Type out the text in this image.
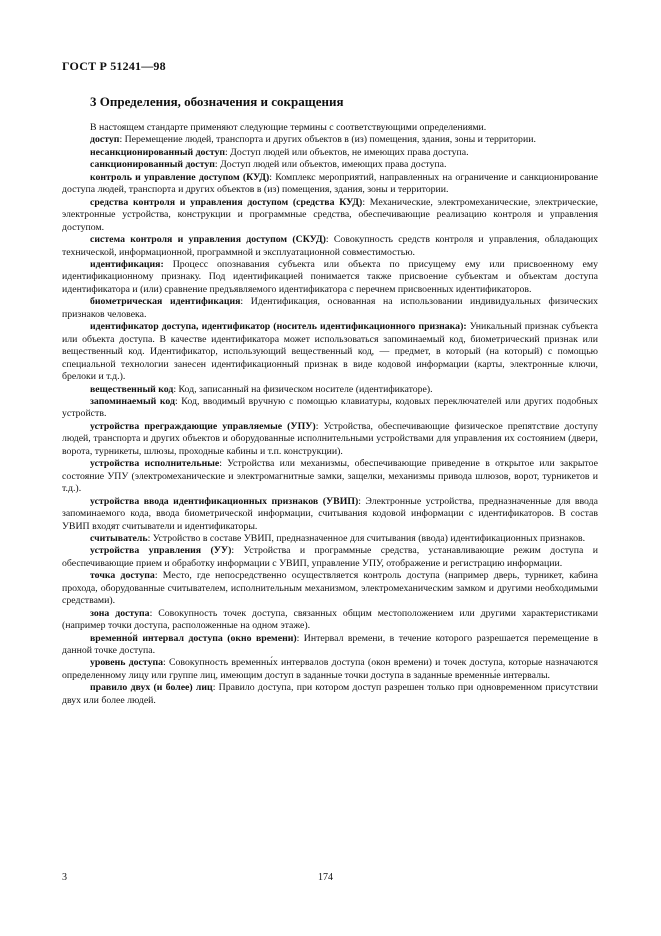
ГОСТ Р 51241—98
3 Определения, обозначения и сокращения

В настоящем стандарте применяют следующие термины с соответствующими определениями.

доступ: Перемещение людей, транспорта и других объектов в (из) помещения, здания, зоны и территории.

несанкционированный доступ: Доступ людей или объектов, не имеющих права доступа.

санкционированный доступ: Доступ людей или объектов, имеющих права доступа.

контроль и управление доступом (КУД): Комплекс мероприятий, направленных на ограничение и санкционирование доступа людей, транспорта и других объектов в (из) помещения, здания, зоны и территории.

средства контроля и управления доступом (средства КУД): Механические, электромеханические, электрические, электронные устройства, конструкции и программные средства, обеспечивающие реализацию контроля и управления доступом.

система контроля и управления доступом (СКУД): Совокупность средств контроля и управления, обладающих технической, информационной, программной и эксплуатационной совместимостью.

идентификация: Процесс опознавания субъекта или объекта по присущему ему или присвоенному ему идентификационному признаку. Под идентификацией понимается также присвоение субъектам и объектам доступа идентификатора и (или) сравнение предъявляемого идентификатора с перечнем присвоенных идентификаторов.

биометрическая идентификация: Идентификация, основанная на использовании индивидуальных физических признаков человека.

идентификатор доступа, идентификатор (носитель идентификационного признака): Уникальный признак субъекта или объекта доступа. В качестве идентификатора может использоваться запоминаемый код, биометрический признак или вещественный код. Идентификатор, использующий вещественный код, — предмет, в который (на который) с помощью специальной технологии занесен идентификационный признак в виде кодовой информации (карты, электронные ключи, брелоки и т.д.).

вещественный код: Код, записанный на физическом носителе (идентификаторе).

запоминаемый код: Код, вводимый вручную с помощью клавиатуры, кодовых переключателей или других подобных устройств.

устройства преграждающие управляемые (УПУ): Устройства, обеспечивающие физическое препятствие доступу людей, транспорта и других объектов и оборудованные исполнительными устройствами для управления их состоянием (двери, ворота, турникеты, шлюзы, проходные кабины и т.п. конструкции).

устройства исполнительные: Устройства или механизмы, обеспечивающие приведение в открытое или закрытое состояние УПУ (электромеханические и электромагнитные замки, защелки, механизмы привода шлюзов, ворот, турникетов и т.д.).

устройства ввода идентификационных признаков (УВИП): Электронные устройства, предназначенные для ввода запоминаемого кода, ввода биометрической информации, считывания кодовой информации с идентификаторов. В состав УВИП входят считыватели и идентификаторы.

считыватель: Устройство в составе УВИП, предназначенное для считывания (ввода) идентификационных признаков.

устройства управления (УУ): Устройства и программные средства, устанавливающие режим доступа и обеспечивающие прием и обработку информации с УВИП, управление УПУ, отображение и регистрацию информации.

точка доступа: Место, где непосредственно осуществляется контроль доступа (например дверь, турникет, кабина прохода, оборудованные считывателем, исполнительным механизмом, электромеханическим замком и другими необходимыми средствами).

зона доступа: Совокупность точек доступа, связанных общим местоположением или другими характеристиками (например точки доступа, расположенные на одном этаже).

временно́й интервал доступа (окно времени): Интервал времени, в течение которого разрешается перемещение в данной точке доступа.

уровень доступа: Совокупность временны́х интервалов доступа (окон времени) и точек доступа, которые назначаются определенному лицу или группе лиц, имеющим доступ в заданные точки доступа в заданные временны́е интервалы.

правило двух (и более) лиц: Правило доступа, при котором доступ разрешен только при одновременном присутствии двух или более людей.

3	174
